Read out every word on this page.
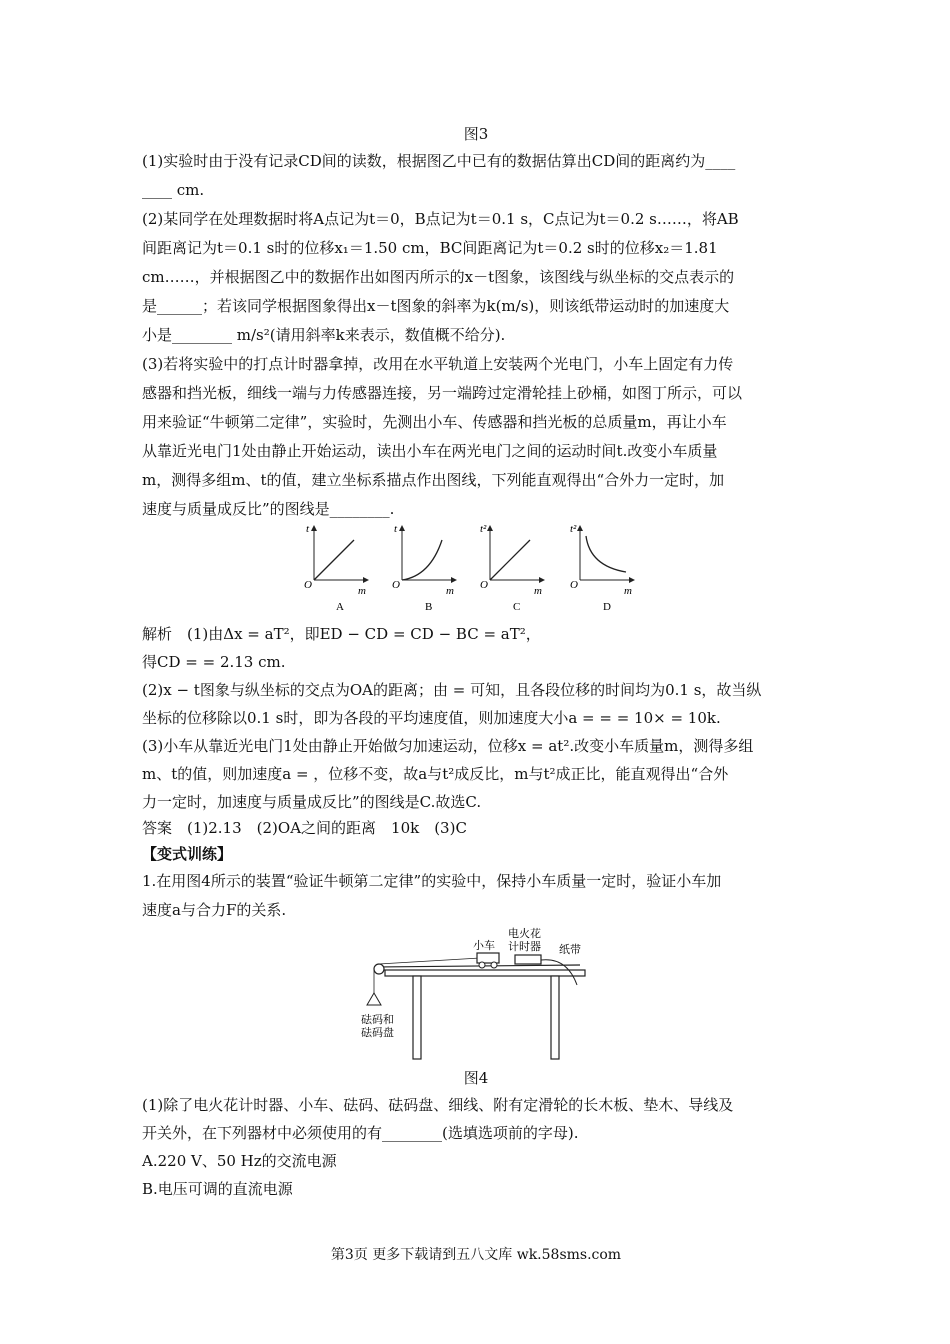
图3
(1)实验时由于没有记录CD间的读数，根据图乙中已有的数据估算出CD间的距离约为____
____ cm.
(2)某同学在处理数据时将A点记为t＝0，B点记为t＝0.1 s，C点记为t＝0.2 s……，将AB
间距离记为t＝0.1 s时的位移x₁＝1.50 cm，BC间距离记为t＝0.2 s时的位移x₂＝1.81
cm……，并根据图乙中的数据作出如图丙所示的x－t图象，该图线与纵坐标的交点表示的
是______；若该同学根据图象得出x－t图象的斜率为k(m/s)，则该纸带运动时的加速度大
小是________ m/s²(请用斜率k来表示，数值概不给分).
(3)若将实验中的打点计时器拿掉，改用在水平轨道上安装两个光电门，小车上固定有力传
感器和挡光板，细线一端与力传感器连接，另一端跨过定滑轮挂上砂桶，如图丁所示，可以
用来验证“牛顿第二定律”，实验时，先测出小车、传感器和挡光板的总质量m，再让小车
从靠近光电门1处由静止开始运动，读出小车在两光电门之间的运动时间t.改变小车质量
m，测得多组m、t的值，建立坐标系描点作出图线，下列能直观得出“合外力一定时，加
速度与质量成反比”的图线是________.
t
O	m
A
t
O	m
B
t²
O	m
C
t²
O	m
D
解析　(1)由Δx = aT²，即ED − CD = CD − BC = aT²，
得CD = = 2.13 cm.
(2)x − t图象与纵坐标的交点为OA的距离；由 = 可知，且各段位移的时间均为0.1 s，故当纵
坐标的位移除以0.1 s时，即为各段的平均速度值，则加速度大小a = = = 10× = 10k.
(3)小车从靠近光电门1处由静止开始做匀加速运动，位移x = at².改变小车质量m，测得多组
m、t的值，则加速度a = ，位移不变，故a与t²成反比，m与t²成正比，能直观得出“合外
力一定时，加速度与质量成反比”的图线是C.故选C.
答案　(1)2.13　(2)OA之间的距离　10k　(3)C
【变式训练】
1.在用图4所示的装置“验证牛顿第二定律”的实验中，保持小车质量一定时，验证小车加
速度a与合力F的关系.
小车
电火花
计时器 纸带
砝码和
砝码盘
图4
(1)除了电火花计时器、小车、砝码、砝码盘、细线、附有定滑轮的长木板、垫木、导线及
开关外，在下列器材中必须使用的有________(选填选项前的字母).
A.220 V、50 Hz的交流电源
B.电压可调的直流电源
第3页 更多下载请到五八文库 wk.58sms.com
